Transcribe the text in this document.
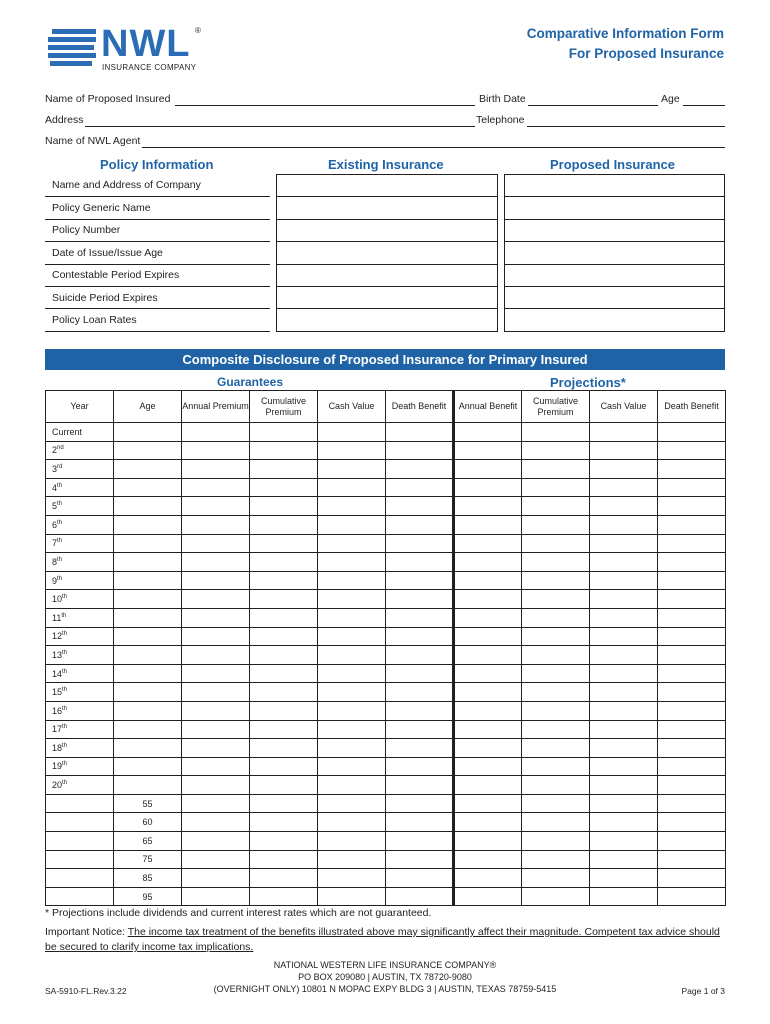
NWL ®
INSURANCE COMPANY
Comparative Information Form
For Proposed Insurance
Name of Proposed Insured	Birth Date	Age
Address	Telephone
Name of NWL Agent
Policy Information	Existing Insurance	Proposed Insurance
Name and Address of Company				
Policy Generic Name				
Policy Number				
Date of Issue/Issue Age				
Contestable Period Expires				
Suicide Period Expires				
Policy Loan Rates				
Composite Disclosure of Proposed Insurance for Primary Insured
Guarantees	Projections*
Year	Age	Annual Premium	Cumulative Premium	Cash Value	Death Benefit	Annual Benefit	Cumulative Premium	Cash Value	Death Benefit
Current									
2nd									
3rd									
4th									
5th									
6th									
7th									
8th									
9th									
10th									
11th									
12th									
13th									
14th									
15th									
16th									
17th									
18th									
19th									
20th									
	55								
	60								
	65								
	75								
	85								
	95								
* Projections include dividends and current interest rates which are not guaranteed.
Important Notice: The income tax treatment of the benefits illustrated above may significantly affect their magnitude. Competent tax advice should be secured to clarify income tax implications.
NATIONAL WESTERN LIFE INSURANCE COMPANY®
PO BOX 209080 | AUSTIN, TX 78720-9080
(OVERNIGHT ONLY) 10801 N MOPAC EXPY BLDG 3 | AUSTIN, TEXAS 78759-5415
SA-5910-FL.Rev.3.22	Page 1 of 3
